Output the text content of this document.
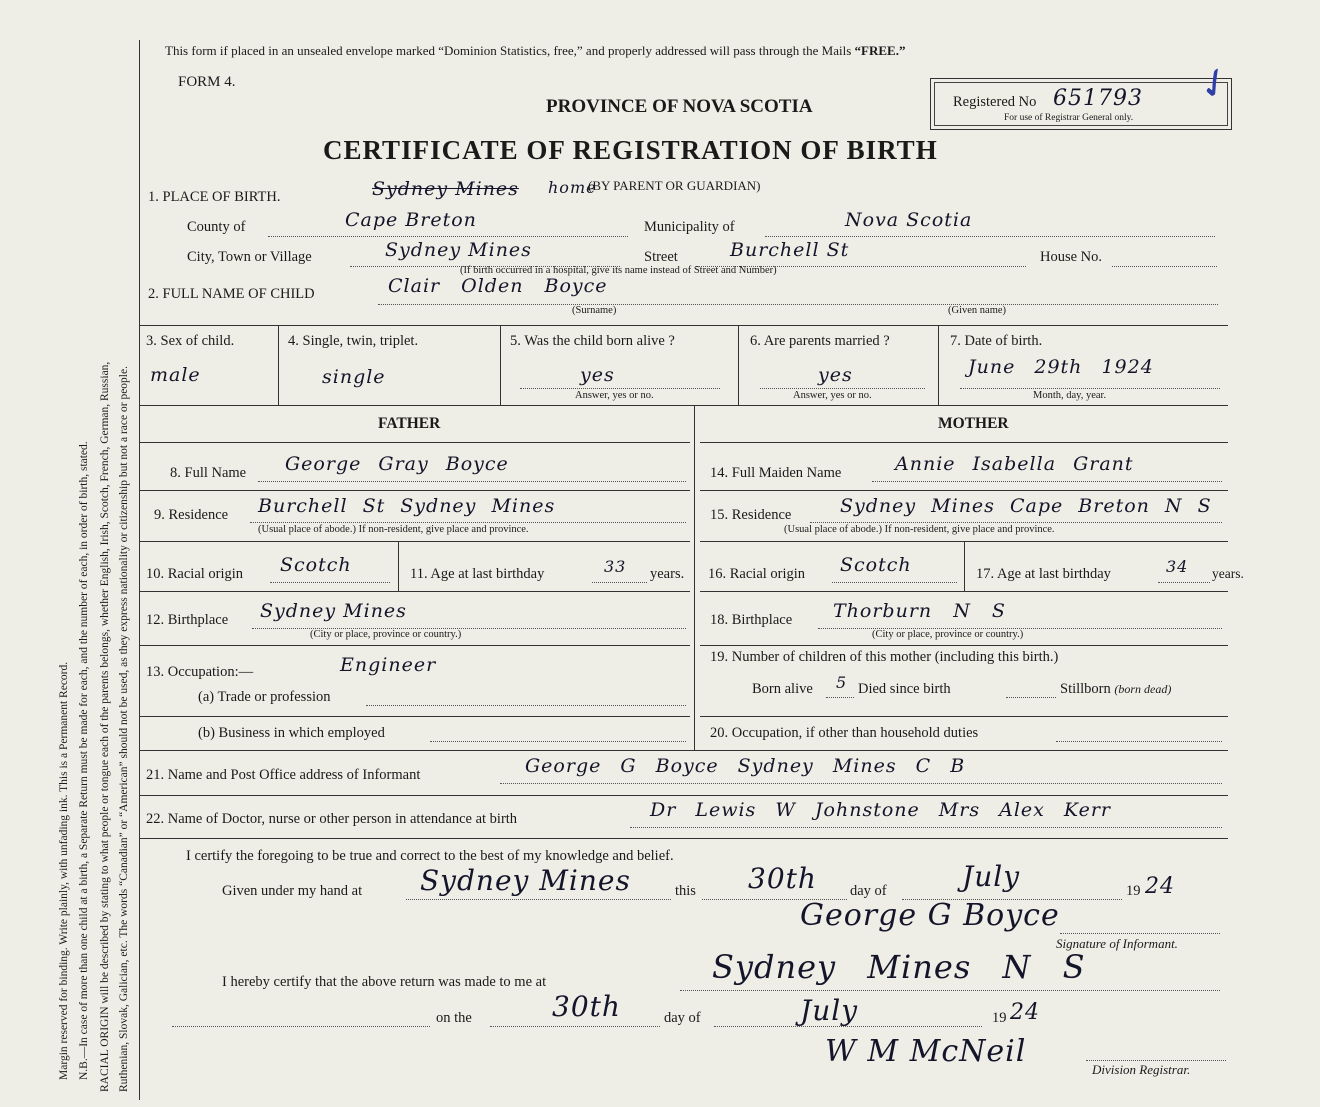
Margin reserved for binding. Write plainly, with unfading ink. This is a Permanent Record. N.B.—In case of more than one child at a birth, a Separate Return must be made for each, and the number of each, in order of birth, stated. RACIAL ORIGIN will be described by stating to what people or tongue each of the parents belongs, whether English, Irish, Scotch, French, German, Russian, Ruthenian, Slovak, Galician, etc. The words “Canadian” or “American” should not be used, as they express nationality or citizenship but not a race or people.
This form if placed in an unsealed envelope marked “Dominion Statistics, free,” and properly addressed will pass through the Mails “FREE.”
FORM 4.
PROVINCE OF NOVA SCOTIA
CERTIFICATE OF REGISTRATION OF BIRTH
Registered No 651793
For use of Registrar General only.
✓
1. PLACE OF BIRTH.	Sydney Mines home
(BY PARENT OR GUARDIAN)
County of	Cape Breton	Municipality of	Nova Scotia
City, Town or Village	Sydney Mines	Street	Burchell St	House No.
(If birth occurred in a hospital, give its name instead of Street and Number)
2. FULL NAME OF CHILD	Clair Olden Boyce
(Surname)	(Given name)
3. Sex of child.
male
4. Single, twin, triplet.
single
5. Was the child born alive ?
yes
Answer, yes or no.
6. Are parents married ?
yes
Answer, yes or no.
7. Date of birth.
June 29th 1924
Month, day, year.
FATHER	MOTHER
8. Full Name George Gray Boyce
9. Residence Burchell St Sydney Mines
(Usual place of abode.) If non-resident, give place and province.
10. Racial origin Scotch	11. Age at last birthday	33 years.
12. Birthplace Sydney Mines
(City or place, province or country.)
13. Occupation:—	Engineer
(a) Trade or profession
(b) Business in which employed
14. Full Maiden Name	Annie Isabella Grant
15. Residence	Sydney Mines Cape Breton N S
(Usual place of abode.) If non-resident, give place and province.
16. Racial origin Scotch	17. Age at last birthday	34 years.
18. Birthplace Thorburn N S
(City or place, province or country.)
19. Number of children of this mother (including this birth.)
Born alive 5 Died since birth	Stillborn (born dead)
20. Occupation, if other than household duties
21. Name and Post Office address of Informant	George G Boyce Sydney Mines C B
22. Name of Doctor, nurse or other person in attendance at birth	Dr Lewis W Johnstone Mrs Alex Kerr
I certify the foregoing to be true and correct to the best of my knowledge and belief.
Given under my hand at Sydney Mines	this 30th day of	July	19 24
George G Boyce
Signature of Informant.
I hereby certify that the above return was made to me at	Sydney Mines N S
on the	30th	day of	July	19 24
W M McNeil
Division Registrar.
